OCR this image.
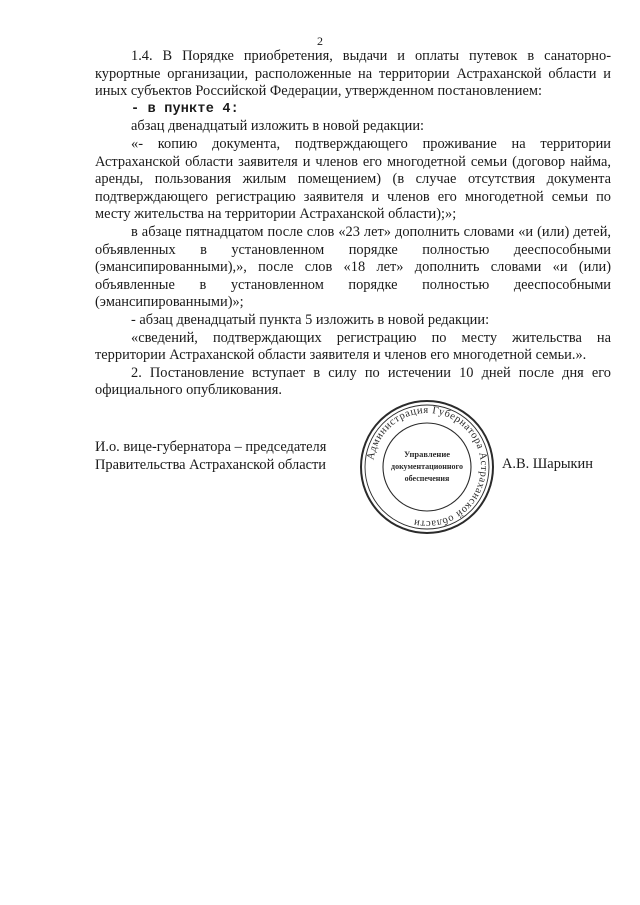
2

1.4. В Порядке приобретения, выдачи и оплаты путевок в санаторно-курортные организации, расположенные на территории Астраханской области и иных субъектов Российской Федерации, утвержденном постановлением:

- в пункте 4:

абзац двенадцатый изложить в новой редакции:

«- копию документа, подтверждающего проживание на территории Астраханской области заявителя и членов его многодетной семьи (договор найма, аренды, пользования жилым помещением) (в случае отсутствия документа подтверждающего регистрацию заявителя и членов его многодетной семьи по месту жительства на территории Астраханской области);»;

в абзаце пятнадцатом после слов «23 лет» дополнить словами «и (или) детей, объявленных в установленном порядке полностью дееспособными (эмансипированными),», после слов «18 лет» дополнить словами «и (или) объявленные в установленном порядке полностью дееспособными (эмансипированными)»;

- абзац двенадцатый пункта 5 изложить в новой редакции:

«сведений, подтверждающих регистрацию по месту жительства на территории Астраханской области заявителя и членов его многодетной семьи.».

2. Постановление вступает в силу по истечении 10 дней после дня его официального опубликования.

И.о. вице-губернатора – председателя
Правительства Астраханской области
Администрация Губернатора Астраханской области
Управление
документационного
обеспечения
А.В. Шарыкин
